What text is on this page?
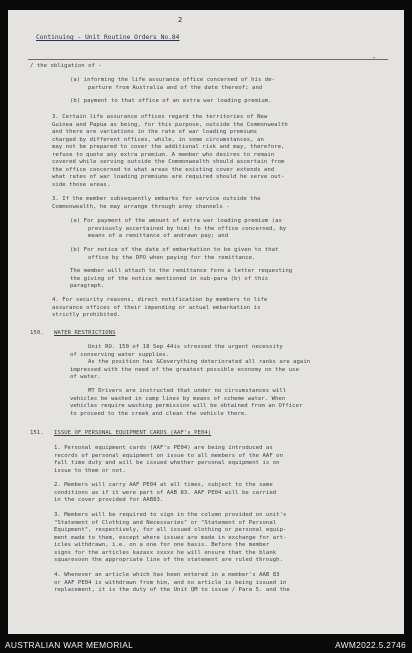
2

Continuing - Unit Routine Orders No.84

/ the obligation of -

(a) informing the life assurance office concerned of his de-

parture from Australia and of the date thereof; and

(b) payment to that office of an extra war loading premium.

3. Certain life assurance offices regard the territories of New

Guinea and Papua as being, for this purpose, outside the Commonwealth

and there are variations in the rate of war loading premiums

charged by different offices, while, in some circumstances, an

may not be prepared to cover the additional risk and may, therefore,

refuse to quote any extra premium. A member who desires to remain

covered while serving outside the Commonwealth should ascertain from

the office concerned to what areas the existing cover extends and

what rates of war loading premiums are required should he serve out-

side those areas.

3. If the member subsequently embarks for service outside the

Commonwealth, he may arrange through army channels -

(a) For payment of the amount of extra war loading premium (as

previously ascertained by him) to the office concerned, by

means of a remittance of andrawn pay; and

(b) For notice of the date of embarkation to be given to that

office by the DPO when paying for the remittance.

The member will attach to the remittance form a letter requesting

the giving of the notice mentioned in sub-para (b) of this

paragraph.

4. For security reasons, direct notification by members to life

assurance offices of their impending or actual embarkation is

strictly prohibited.

150. WATER RESTRICTIONS

Unit RO. 150 of 18 Sep 44is stressed the urgent necessity

of conserving water supplies.

As the position has &Ceverything deteriorated all ranks are again

impressed with the need of the greatest possible economy on the use

of water.

MT Drivers are instructed that under no circumstances will

vehicles be washed in camp lines by means of scheme water. When

vehicles require washing permission will be obtained from an Officer

to proceed to the creek and clean the vehicle there.

151. ISSUE OF PERSONAL EQUIPMENT CARDS (AAF's PE04)

1. Personal equipment cards (AAF's PE04) are being introduced as

records of personal equipment on issue to all members of the AAF on

full time duty and will be issued whether personal equipment is on

issue to them or not.

2. Members will carry AAF PE04 at all times, subject to the same

conditions as if it were part of AAB 83. AAF PE04 will be carried

in the cover provided for AAB83.

3. Members will be required to sign in the column provided on unit's

"Statement of Clothing and Necessaries" or "Statement of Personal

Equipment", respectively, for all issued clothing or personal equip-

ment made to them, except where issues are made in exchange for art-

icles withdrawn, i.e. on a one for one basis. Before the member

signs for the articles kazaxx xxxxx he will ensure that the blank

squaresoon the appropriate line of the statement are ruled through.

4. Whenever an article which has been entered in a member's AAB 83

or AAF PE04 is withdrawn from him, and no article is being issued in

replacement, it is the duty of the Unit QM to issue / Para 5. and the

-

AUSTRALIAN WAR MEMORIAL	AWM2022.5.2746
